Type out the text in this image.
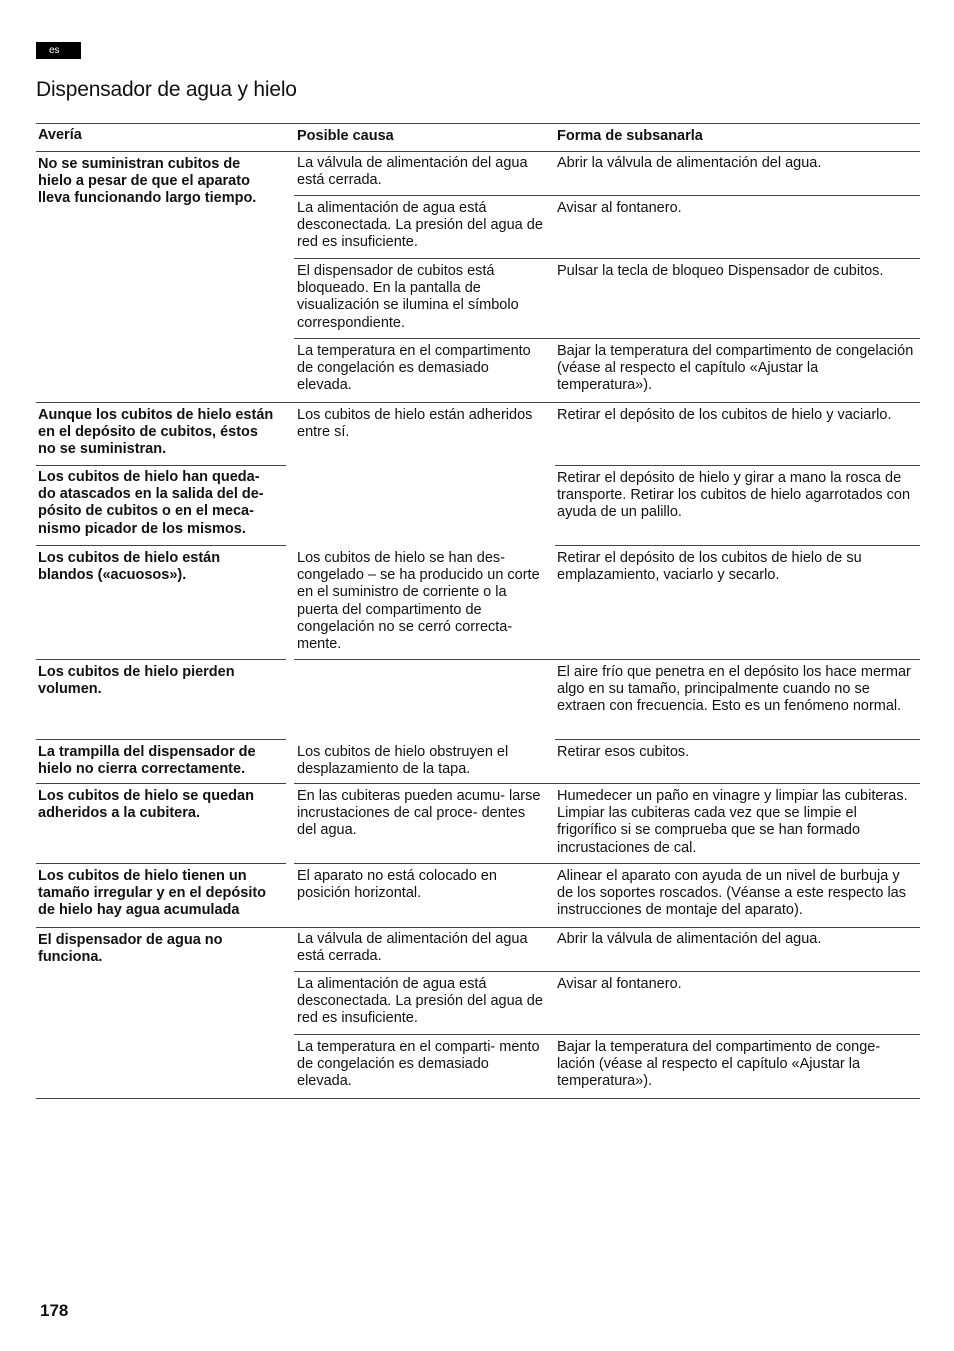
es
Dispensador de agua y hielo
Avería	Posible causa	Forma de subsanarla
No se suministran cubitos de hielo a pesar de que el aparato lleva funcionando largo tiempo.
La válvula de alimentación del agua está cerrada.
Abrir la válvula de alimentación del agua.
La alimentación de agua está desconectada. La presión del agua de red es insuficiente.
Avisar al fontanero.
El dispensador de cubitos está bloqueado. En la pantalla de visualización se ilumina el símbolo correspondiente.
Pulsar la tecla de bloqueo Dispensador de cubitos.
La temperatura en el compartimento de congelación es demasiado elevada.
Bajar la temperatura del compartimento de congelación (véase al respecto el capítulo «Ajustar la temperatura»).
Aunque los cubitos de hielo están en el depósito de cubitos, éstos no se suministran.
Los cubitos de hielo están adheridos entre sí.
Retirar el depósito de los cubitos de hielo y vaciarlo.
Los cubitos de hielo han queda- do atascados en la salida del de- pósito de cubitos o en el meca- nismo picador de los mismos.
Retirar el depósito de hielo y girar a mano la rosca de transporte. Retirar los cubitos de hielo agarrotados con ayuda de un palillo.
Los cubitos de hielo están blandos («acuosos»).
Los cubitos de hielo se han des- congelado – se ha producido un corte en el suministro de corriente o la puerta del compartimento de congelación no se cerró correcta- mente.
Retirar el depósito de los cubitos de hielo de su emplazamiento, vaciarlo y secarlo.
Los cubitos de hielo pierden volumen.
El aire frío que penetra en el depósito los hace mermar algo en su tamaño, principalmente cuando no se extraen con frecuencia. Esto es un fenómeno normal.
La trampilla del dispensador de hielo no cierra correctamente.
Los cubitos de hielo obstruyen el desplazamiento de la tapa.
Retirar esos cubitos.
Los cubitos de hielo se quedan adheridos a la cubitera.
En las cubiteras pueden acumu- larse incrustaciones de cal proce- dentes del agua.
Humedecer un paño en vinagre y limpiar las cubiteras. Limpiar las cubiteras cada vez que se limpie el frigorífico si se comprueba que se han formado incrustaciones de cal.
Los cubitos de hielo tienen un tamaño irregular y en el depósito de hielo hay agua acumulada
El aparato no está colocado en posición horizontal.
Alinear el aparato con ayuda de un nivel de burbuja y de los soportes roscados. (Véanse a este respecto las instrucciones de montaje del aparato).
El dispensador de agua no funciona.
La válvula de alimentación del agua está cerrada.
Abrir la válvula de alimentación del agua.
La alimentación de agua está desconectada. La presión del agua de red es insuficiente.
Avisar al fontanero.
La temperatura en el comparti- mento de congelación es demasiado elevada.
Bajar la temperatura del compartimento de conge- lación (véase al respecto el capítulo «Ajustar la temperatura»).
178
